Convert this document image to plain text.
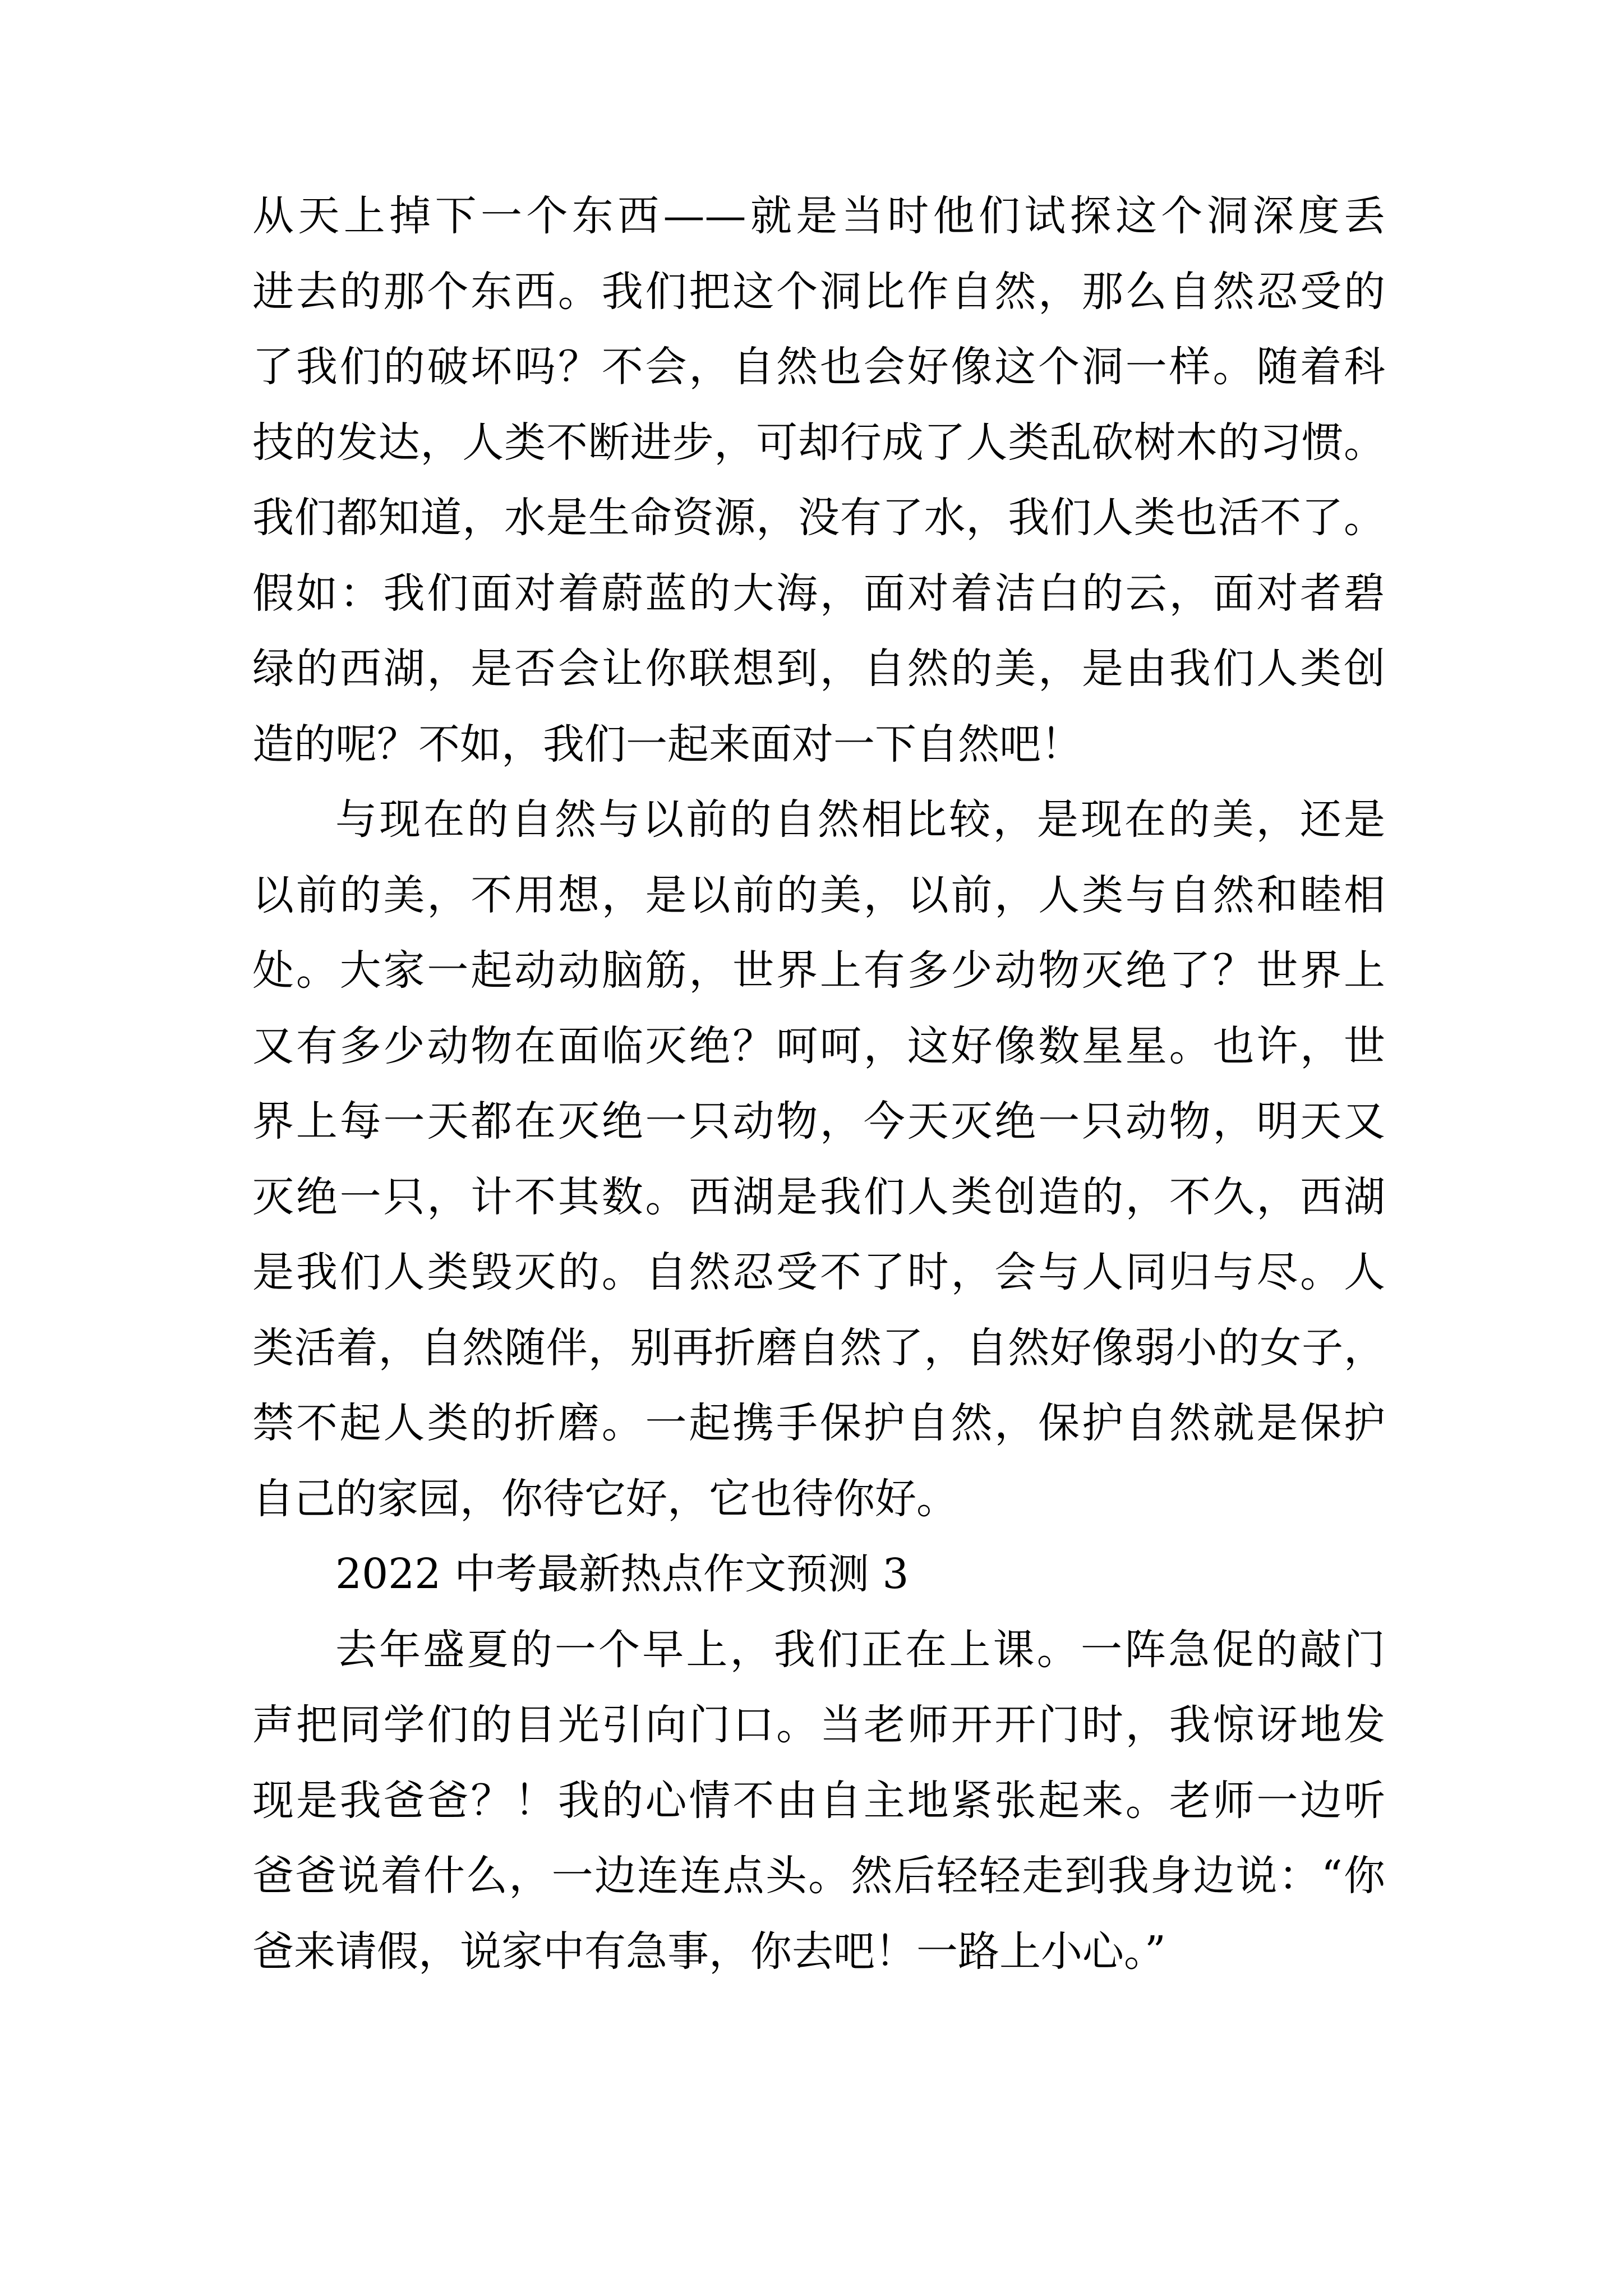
从天上掉下一个东西——就是当时他们试探这个洞深度丢
进去的那个东西。我们把这个洞比作自然，那么自然忍受的
了我们的破坏吗？不会，自然也会好像这个洞一样。随着科
技的发达，人类不断进步，可却行成了人类乱砍树木的习惯。
我们都知道，水是生命资源，没有了水，我们人类也活不了。
假如：我们面对着蔚蓝的大海，面对着洁白的云，面对者碧
绿的西湖，是否会让你联想到，自然的美，是由我们人类创
造的呢？不如，我们一起来面对一下自然吧！
与现在的自然与以前的自然相比较，是现在的美，还是
以前的美，不用想，是以前的美，以前，人类与自然和睦相
处。大家一起动动脑筋，世界上有多少动物灭绝了？世界上
又有多少动物在面临灭绝？呵呵，这好像数星星。也许，世
界上每一天都在灭绝一只动物，今天灭绝一只动物，明天又
灭绝一只，计不其数。西湖是我们人类创造的，不久，西湖
是我们人类毁灭的。自然忍受不了时，会与人同归与尽。人
类活着，自然随伴，别再折磨自然了，自然好像弱小的女子，
禁不起人类的折磨。一起携手保护自然，保护自然就是保护
自己的家园，你待它好，它也待你好。
2022 中考最新热点作文预测 3
去年盛夏的一个早上，我们正在上课。一阵急促的敲门
声把同学们的目光引向门口。当老师开开门时，我惊讶地发
现是我爸爸？！我的心情不由自主地紧张起来。老师一边听
爸爸说着什么，一边连连点头。然后轻轻走到我身边说：“你
爸来请假，说家中有急事，你去吧！一路上小心。”
